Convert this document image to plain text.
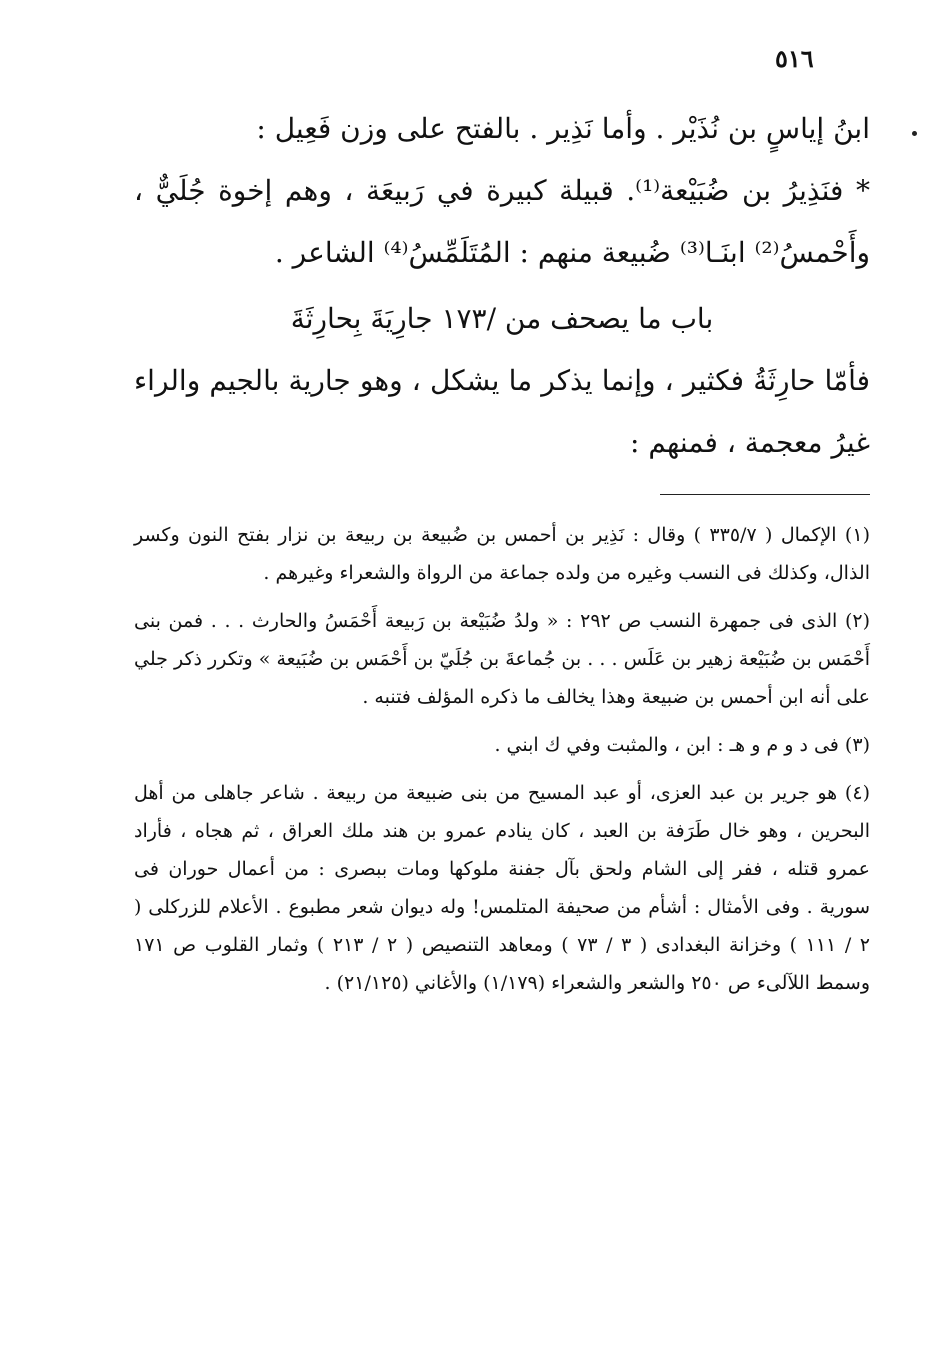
٥١٦

ابنُ إياسٍ بن نُذَيْر . وأما نَذِير . بالفتح على وزن فَعِيل :

* فنَذِيرُ بن ضُبَيْعة⁽¹⁾. قبيلة كبيرة في رَبيعَة ، وهم إخوة جُلَيٌّ ، وأَحْمسُ⁽²⁾ ابنَـا⁽³⁾ ضُبيعة منهم : المُتَلَمِّسُ⁽⁴⁾ الشاعر .

باب ما يصحف من /١٧٣ جارِيَةَ بِحارِثَةَ

فأمّا حارِثَةُ فكثير ، وإنما يذكر ما يشكل ، وهو جارية بالجيم والراء غيرُ معجمة ، فمنهم :

(١) الإكمال ( ٣٣٥/٧ ) وقال : نَذِير بن أحمس بن ضُبيعة بن ربيعة بن نزار بفتح النون وكسر الذال، وكذلك فى النسب وغيره من ولده جماعة من الرواة والشعراء وغيرهم .

(٢) الذى فى جمهرة النسب ص ٢٩٢ : « ولدُ ضُبَيْعة بن رَبيعة أَحْمَسُ والحارث . . . فمن بنى أَحْمَس بن ضُبَيْعة زهير بن عَلَس . . . بن جُماعةَ بن جُلَيّ بن أَحْمَس بن ضُبَيعة » وتكرر ذكر جلي على أنه ابن أحمس بن ضبيعة وهذا يخالف ما ذكره المؤلف فتنبه .

(٣) فى د و م و هـ : ابن ، والمثبت وفي ك ابني .

(٤) هو جرير بن عبد العزى، أو عبد المسيح من بنى ضبيعة من ربيعة . شاعر جاهلى من أهل البحرين ، وهو خال طَرَفة بن العبد ، كان ينادم عمرو بن هند ملك العراق ، ثم هجاه ، فأراد عمرو قتله ، ففر إلى الشام ولحق بآل جفنة ملوكها ومات ببصرى : من أعمال حوران فى سورية . وفى الأمثال : أشأم من صحيفة المتلمس! وله ديوان شعر مطبوع . الأعلام للزركلى ( ٢ / ١١١ ) وخزانة البغدادى ( ٣ / ٧٣ ) ومعاهد التنصيص ( ٢ / ٢١٣ ) وثمار القلوب ص ١٧١ وسمط اللآلىء ص ٢٥٠ والشعر والشعراء (١/١٧٩) والأغاني (٢١/١٢٥) .
